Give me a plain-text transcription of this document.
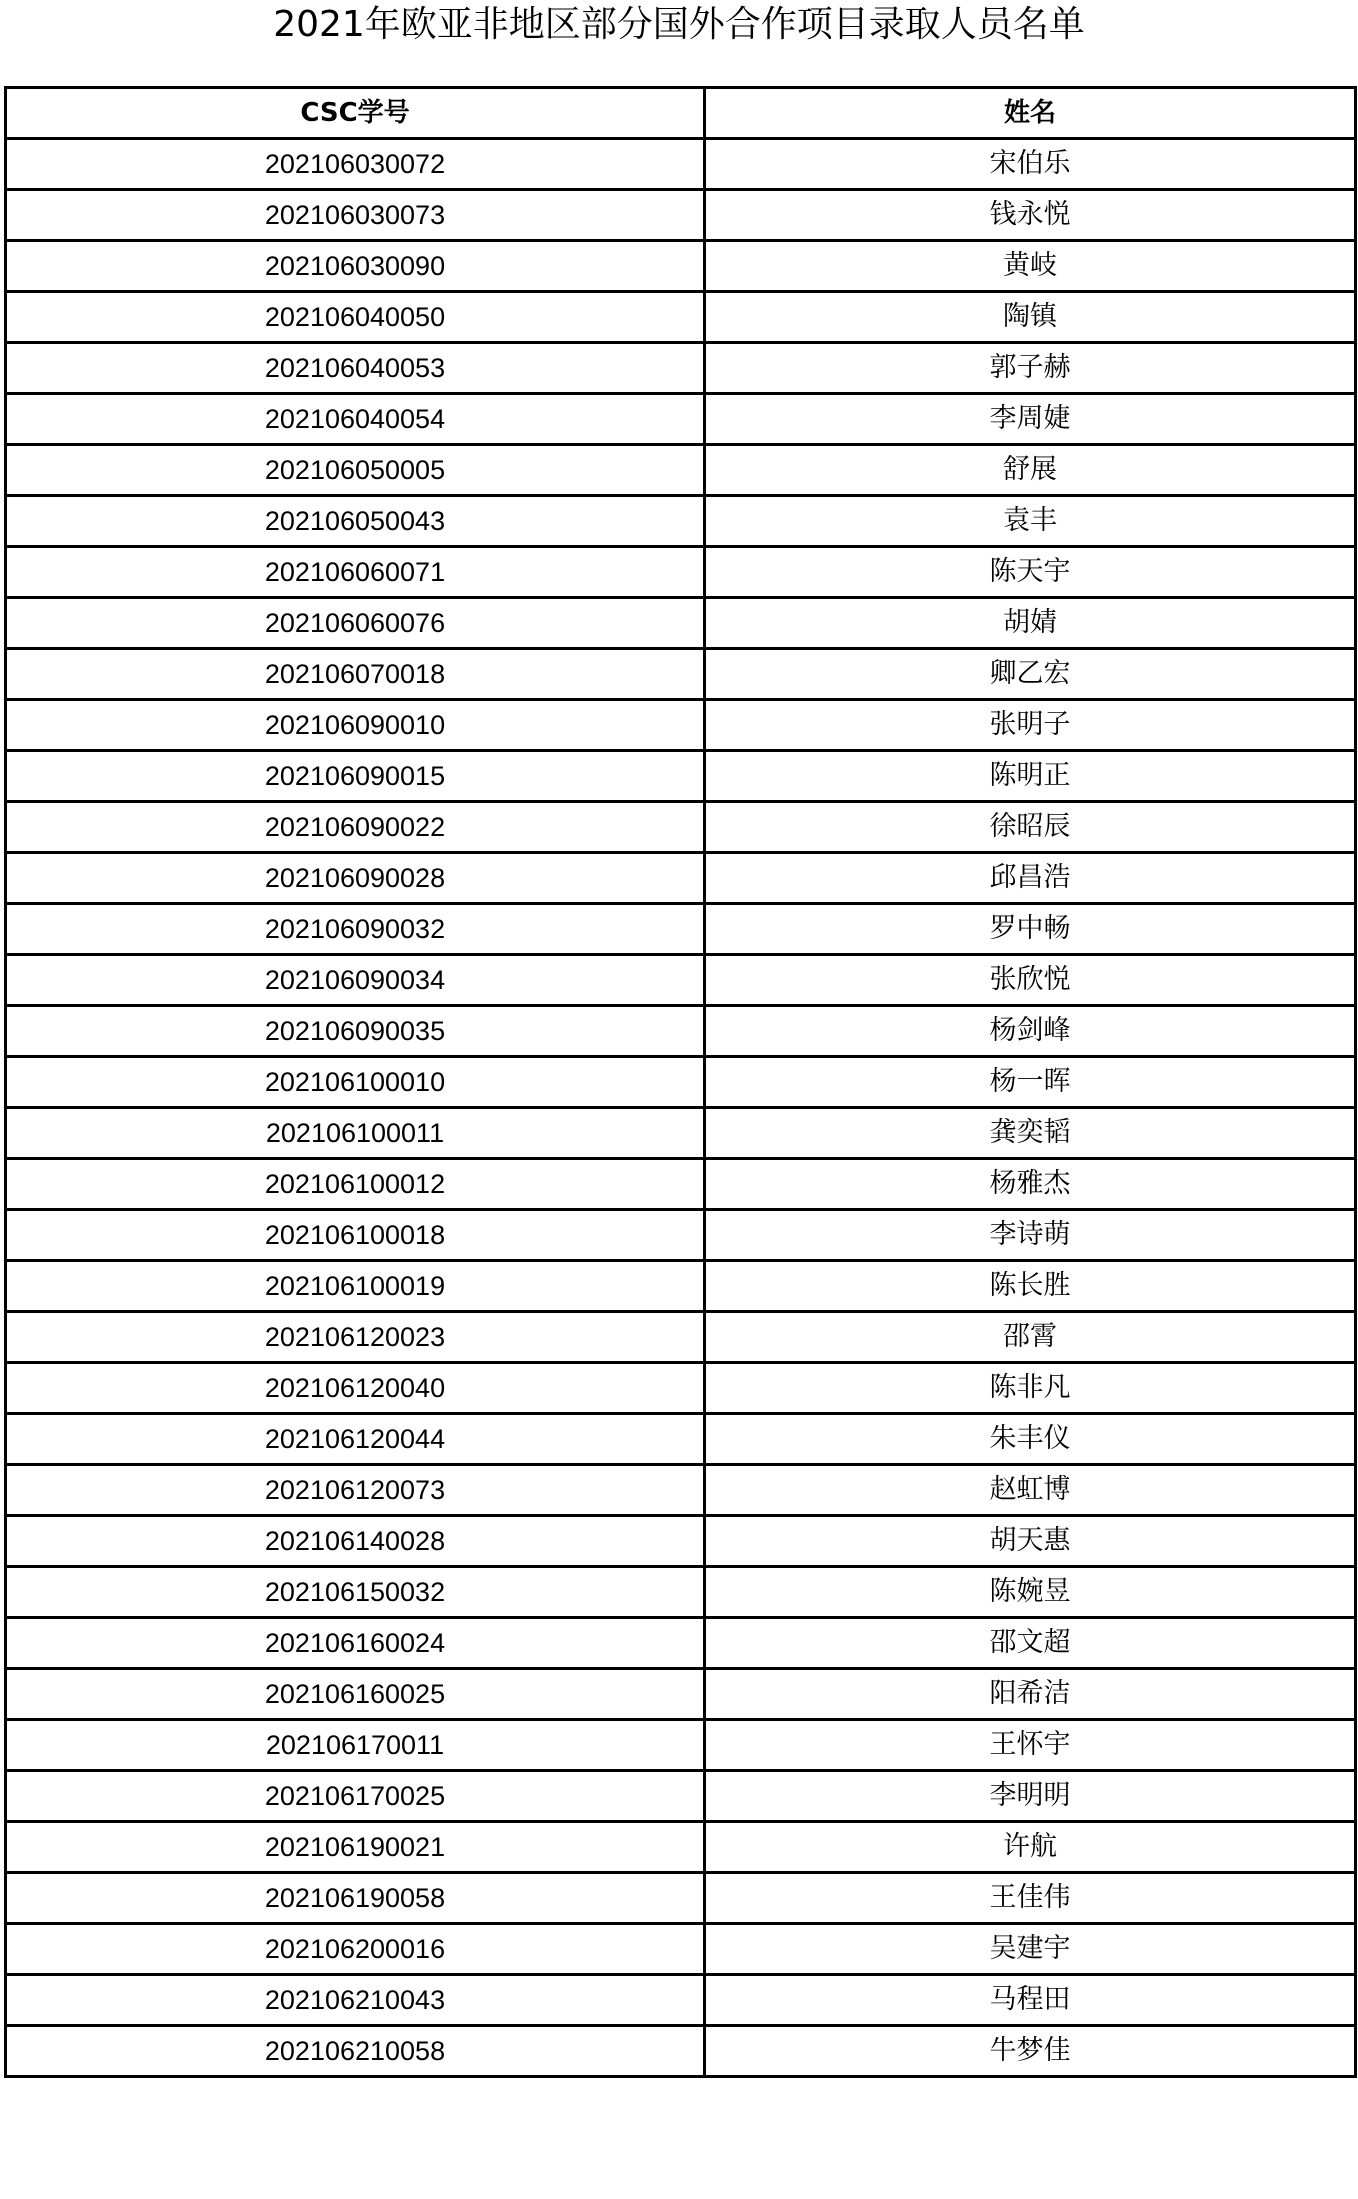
2021年欧亚非地区部分国外合作项目录取人员名单
CSC学号	姓名
202106030072	宋伯乐
202106030073	钱永悦
202106030090	黄岐
202106040050	陶镇
202106040053	郭子赫
202106040054	李周婕
202106050005	舒展
202106050043	袁丰
202106060071	陈天宇
202106060076	胡婧
202106070018	卿乙宏
202106090010	张明子
202106090015	陈明正
202106090022	徐昭辰
202106090028	邱昌浩
202106090032	罗中畅
202106090034	张欣悦
202106090035	杨剑峰
202106100010	杨一晖
202106100011	龚奕韬
202106100012	杨雅杰
202106100018	李诗萌
202106100019	陈长胜
202106120023	邵霄
202106120040	陈非凡
202106120044	朱丰仪
202106120073	赵虹博
202106140028	胡天惠
202106150032	陈婉昱
202106160024	邵文超
202106160025	阳希洁
202106170011	王怀宇
202106170025	李明明
202106190021	许航
202106190058	王佳伟
202106200016	吴建宇
202106210043	马程田
202106210058	牛梦佳
